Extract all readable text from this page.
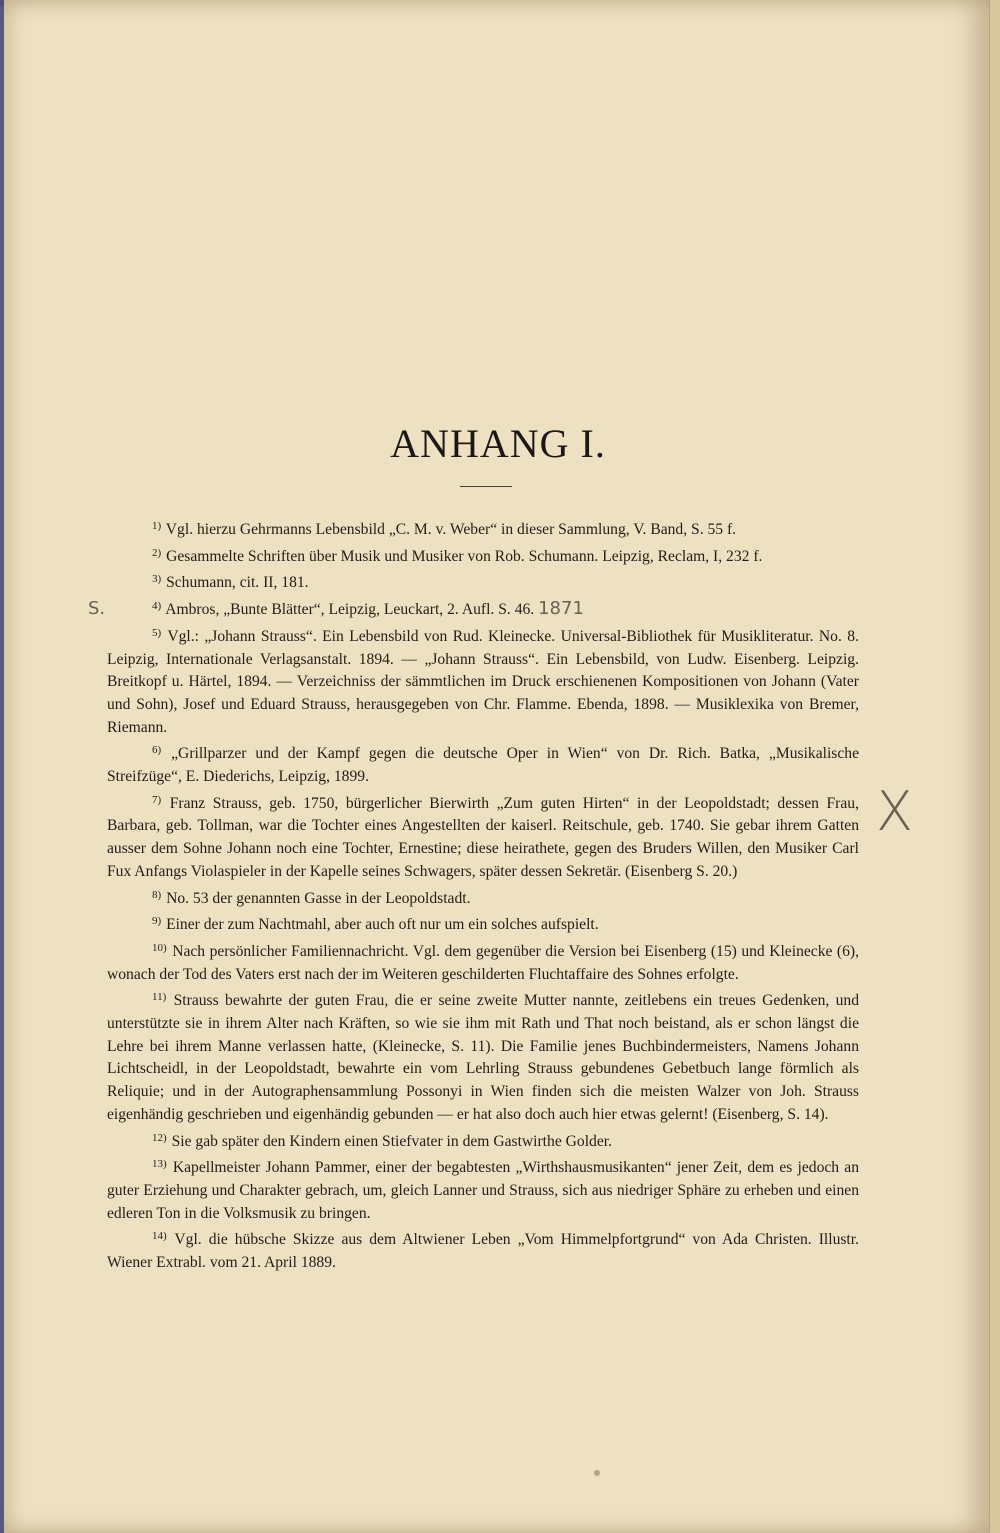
ANHANG I.

$^{1)}$ Vgl. hierzu Gehrmanns Lebensbild „C. M. v. Weber“ in dieser Sammlung, V. Band, S. 55 f.

$^{2)}$ Gesammelte Schriften über Musik und Musiker von Rob. Schumann. Leipzig, Reclam, I, 232 f.

$^{3)}$ Schumann, cit. II, 181.

$^{4)}$ Ambros, „Bunte Blätter“, Leipzig, Leuckart, 2. Aufl. S. 46. 1871

$^{5)}$ Vgl.: „Johann Strauss“. Ein Lebensbild von Rud. Kleinecke. Universal-Bibliothek für Musikliteratur. No. 8. Leipzig, Internationale Verlagsanstalt. 1894. — „Johann Strauss“. Ein Lebensbild, von Ludw. Eisenberg. Leipzig. Breitkopf u. Härtel, 1894. — Verzeichniss der sämmtlichen im Druck erschienenen Kompositionen von Johann (Vater und Sohn), Josef und Eduard Strauss, herausgegeben von Chr. Flamme. Ebenda, 1898. — Musiklexika von Bremer, Riemann.

$^{6)}$ „Grillparzer und der Kampf gegen die deutsche Oper in Wien“ von Dr. Rich. Batka, „Musikalische Streifzüge“, E. Diederichs, Leipzig, 1899.

$^{7)}$ Franz Strauss, geb. 1750, bürgerlicher Bierwirth „Zum guten Hirten“ in der Leopoldstadt; dessen Frau, Barbara, geb. Tollman, war die Tochter eines Angestellten der kaiserl. Reitschule, geb. 1740. Sie gebar ihrem Gatten ausser dem Sohne Johann noch eine Tochter, Ernestine; diese heirathete, gegen des Bruders Willen, den Musiker Carl Fux Anfangs Violaspieler in der Kapelle seines Schwagers, später dessen Sekretär. (Eisenberg S. 20.)

$^{8)}$ No. 53 der genannten Gasse in der Leopoldstadt.

$^{9)}$ Einer der zum Nachtmahl, aber auch oft nur um ein solches aufspielt.

$^{10)}$ Nach persönlicher Familiennachricht. Vgl. dem gegenüber die Version bei Eisenberg (15) und Kleinecke (6), wonach der Tod des Vaters erst nach der im Weiteren geschilderten Fluchtaffaire des Sohnes erfolgte.

$^{11)}$ Strauss bewahrte der guten Frau, die er seine zweite Mutter nannte, zeitlebens ein treues Gedenken, und unterstützte sie in ihrem Alter nach Kräften, so wie sie ihm mit Rath und That noch beistand, als er schon längst die Lehre bei ihrem Manne verlassen hatte, (Kleinecke, S. 11). Die Familie jenes Buchbindermeisters, Namens Johann Lichtscheidl, in der Leopoldstadt, bewahrte ein vom Lehrling Strauss gebundenes Gebetbuch lange förmlich als Reliquie; und in der Autographensammlung Possonyi in Wien finden sich die meisten Walzer von Joh. Strauss eigenhändig geschrieben und eigenhändig gebunden — er hat also doch auch hier etwas gelernt! (Eisenberg, S. 14).

$^{12)}$ Sie gab später den Kindern einen Stiefvater in dem Gastwirthe Golder.

$^{13)}$ Kapellmeister Johann Pammer, einer der begabtesten „Wirthshausmusikanten“ jener Zeit, dem es jedoch an guter Erziehung und Charakter gebrach, um, gleich Lanner und Strauss, sich aus niedriger Sphäre zu erheben und einen edleren Ton in die Volksmusik zu bringen.

$^{14)}$ Vgl. die hübsche Skizze aus dem Altwiener Leben „Vom Himmelpfortgrund“ von Ada Christen. Illustr. Wiener Extrabl. vom 21. April 1889.

S.
X
